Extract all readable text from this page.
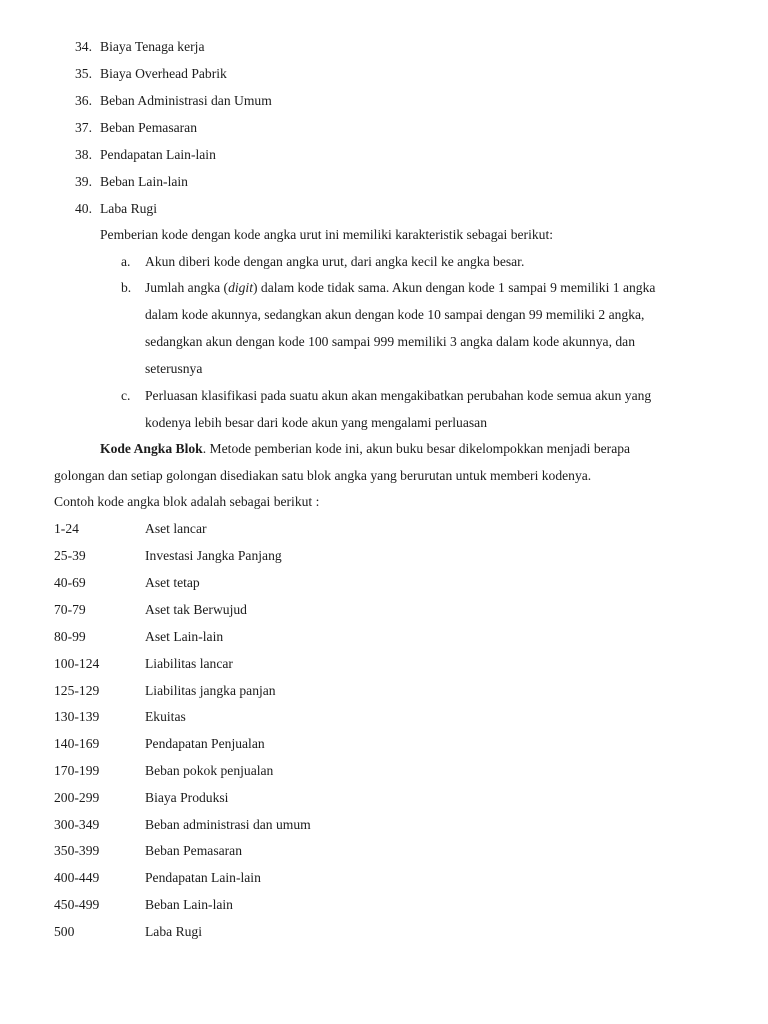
34. Biaya Tenaga kerja
35. Biaya Overhead Pabrik
36. Beban Administrasi dan Umum
37. Beban Pemasaran
38. Pendapatan Lain-lain
39. Beban Lain-lain
40. Laba Rugi
Pemberian kode dengan kode angka urut ini memiliki karakteristik sebagai berikut:
a. Akun diberi kode dengan angka urut, dari angka kecil ke angka besar.
b. Jumlah angka (digit) dalam kode tidak sama. Akun dengan kode 1 sampai 9 memiliki 1 angka
dalam kode akunnya, sedangkan akun dengan kode 10 sampai dengan 99 memiliki 2 angka,
sedangkan akun dengan kode 100 sampai 999 memiliki 3 angka dalam kode akunnya, dan
seterusnya
c. Perluasan klasifikasi pada suatu akun akan mengakibatkan perubahan kode semua akun yang
kodenya lebih besar dari kode akun yang mengalami perluasan
Kode Angka Blok. Metode pemberian kode ini, akun buku besar dikelompokkan menjadi berapa
golongan dan setiap golongan disediakan satu blok angka yang berurutan untuk memberi kodenya.
Contoh kode angka blok adalah sebagai berikut :
1-24	Aset lancar
25-39	Investasi Jangka Panjang
40-69	Aset tetap
70-79	Aset tak Berwujud
80-99	Aset Lain-lain
100-124	Liabilitas lancar
125-129	Liabilitas jangka panjan
130-139	Ekuitas
140-169	Pendapatan Penjualan
170-199	Beban pokok penjualan
200-299	Biaya Produksi
300-349	Beban administrasi dan umum
350-399	Beban Pemasaran
400-449	Pendapatan Lain-lain
450-499	Beban Lain-lain
500	Laba Rugi
